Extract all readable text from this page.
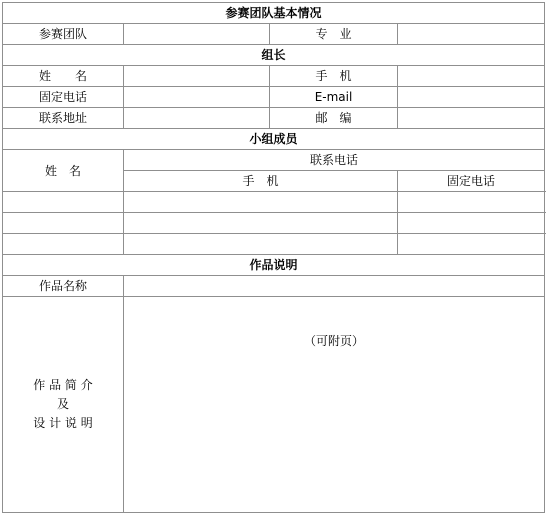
参赛团队基本情况			
参赛团队		专　业	
组长			
姓　　名		手　机	
固定电话		E-mail	
联系地址		邮　编	
小组成员			
姓　名	联系电话		
	手　机		固定电话

作品说明			
作品名称			

作 品 简 介
及
设 计 说 明	（可附页）		
